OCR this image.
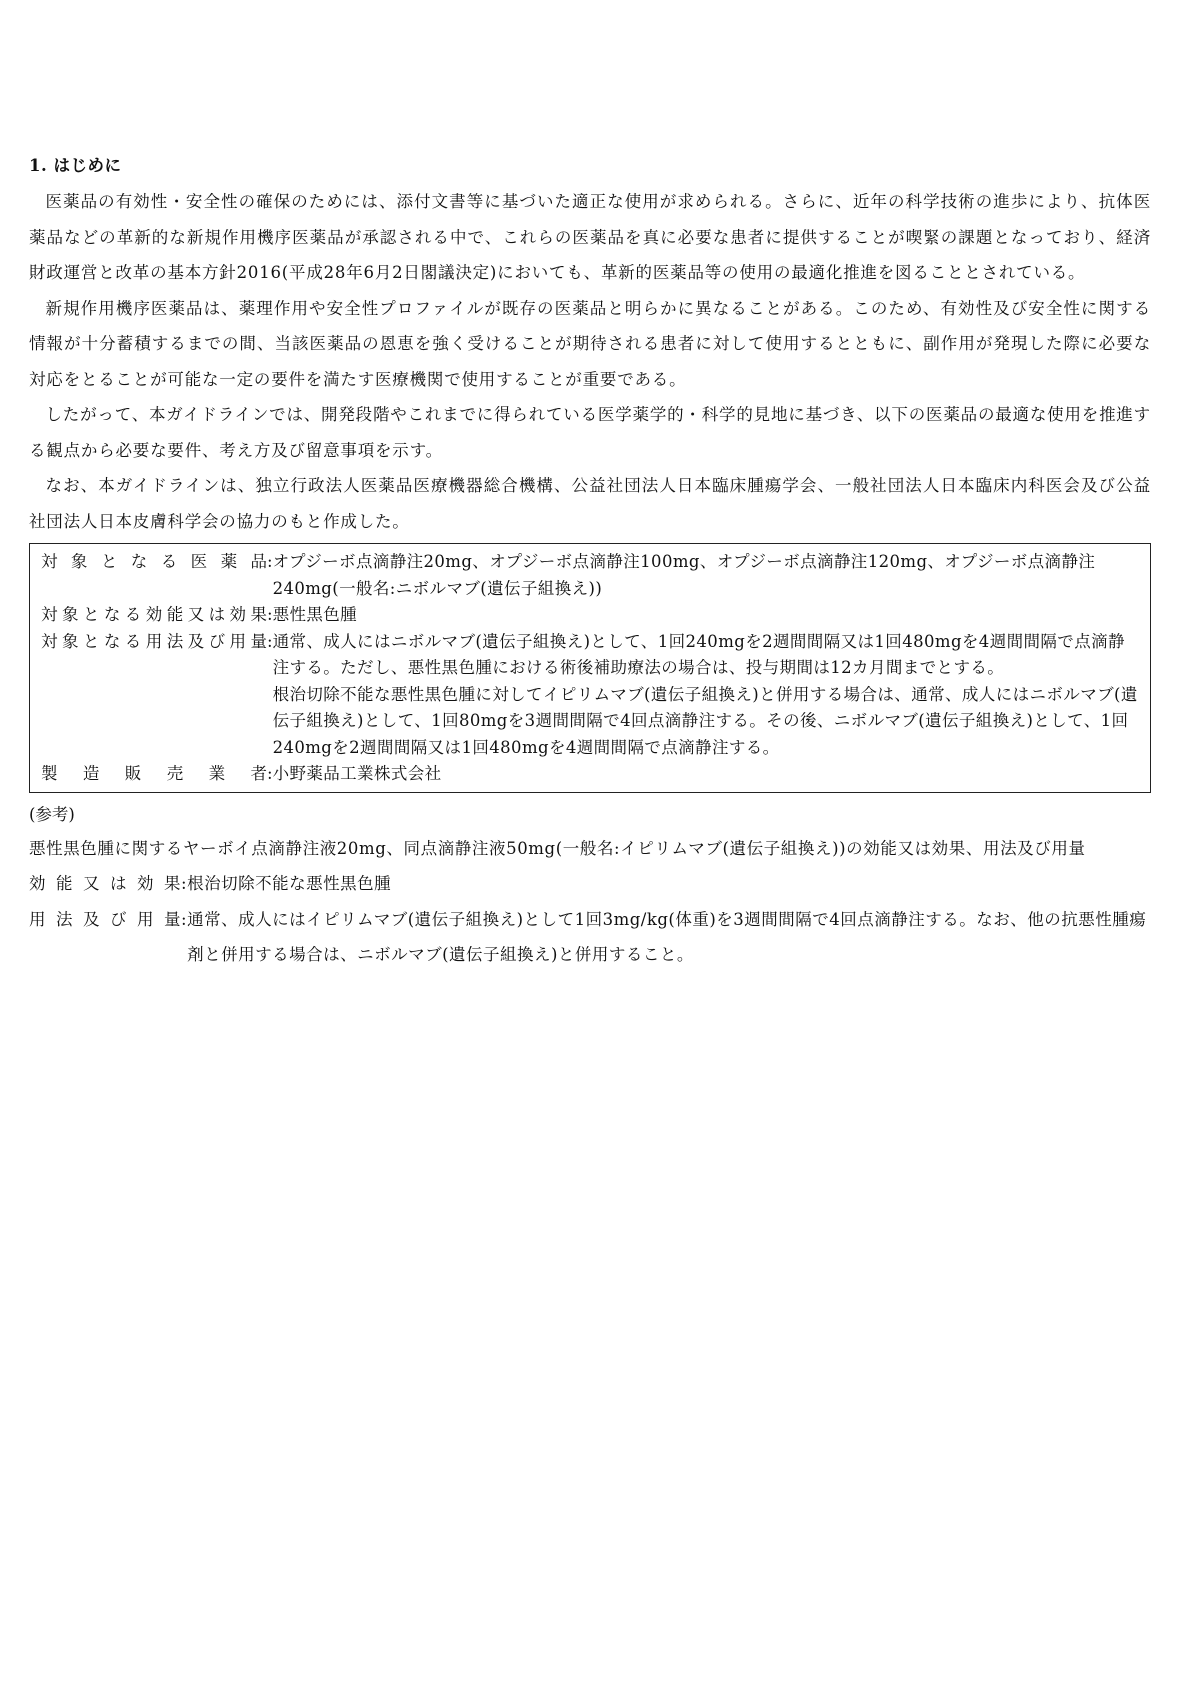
1. はじめに

医薬品の有効性・安全性の確保のためには、添付文書等に基づいた適正な使用が求められる。さらに、近年の科学技術の進歩により、抗体医薬品などの革新的な新規作用機序医薬品が承認される中で、これらの医薬品を真に必要な患者に提供することが喫緊の課題となっており、経済財政運営と改革の基本方針2016(平成28年6月2日閣議決定)においても、革新的医薬品等の使用の最適化推進を図ることとされている。

新規作用機序医薬品は、薬理作用や安全性プロファイルが既存の医薬品と明らかに異なることがある。このため、有効性及び安全性に関する情報が十分蓄積するまでの間、当該医薬品の恩恵を強く受けることが期待される患者に対して使用するとともに、副作用が発現した際に必要な対応をとることが可能な一定の要件を満たす医療機関で使用することが重要である。

したがって、本ガイドラインでは、開発段階やこれまでに得られている医学薬学的・科学的見地に基づき、以下の医薬品の最適な使用を推進する観点から必要な要件、考え方及び留意事項を示す。

なお、本ガイドラインは、独立行政法人医薬品医療機器総合機構、公益社団法人日本臨床腫瘍学会、一般社団法人日本臨床内科医会及び公益社団法人日本皮膚科学会の協力のもと作成した。

対象となる医薬品 : オプジーボ点滴静注20mg、オプジーボ点滴静注100mg、オプジーボ点滴静注120mg、オプジーボ点滴静注240mg(一般名:ニボルマブ(遺伝子組換え))

対象となる効能又は効果 : 悪性黒色腫

対象となる用法及び用量 : 通常、成人にはニボルマブ(遺伝子組換え)として、1回240mgを2週間間隔又は1回480mgを4週間間隔で点滴静注する。ただし、悪性黒色腫における術後補助療法の場合は、投与期間は12カ月間までとする。

根治切除不能な悪性黒色腫に対してイピリムマブ(遺伝子組換え)と併用する場合は、通常、成人にはニボルマブ(遺伝子組換え)として、1回80mgを3週間間隔で4回点滴静注する。その後、ニボルマブ(遺伝子組換え)として、1回240mgを2週間間隔又は1回480mgを4週間間隔で点滴静注する。

製造販売業者 : 小野薬品工業株式会社

(参考)

悪性黒色腫に関するヤーボイ点滴静注液20mg、同点滴静注液50mg(一般名:イピリムマブ(遺伝子組換え))の効能又は効果、用法及び用量

効能又は効果 : 根治切除不能な悪性黒色腫
用法及び用量 : 通常、成人にはイピリムマブ(遺伝子組換え)として1回3mg/kg(体重)を3週間間隔で4回点滴静注する。なお、他の抗悪性腫瘍剤と併用する場合は、ニボルマブ(遺伝子組換え)と併用すること。
